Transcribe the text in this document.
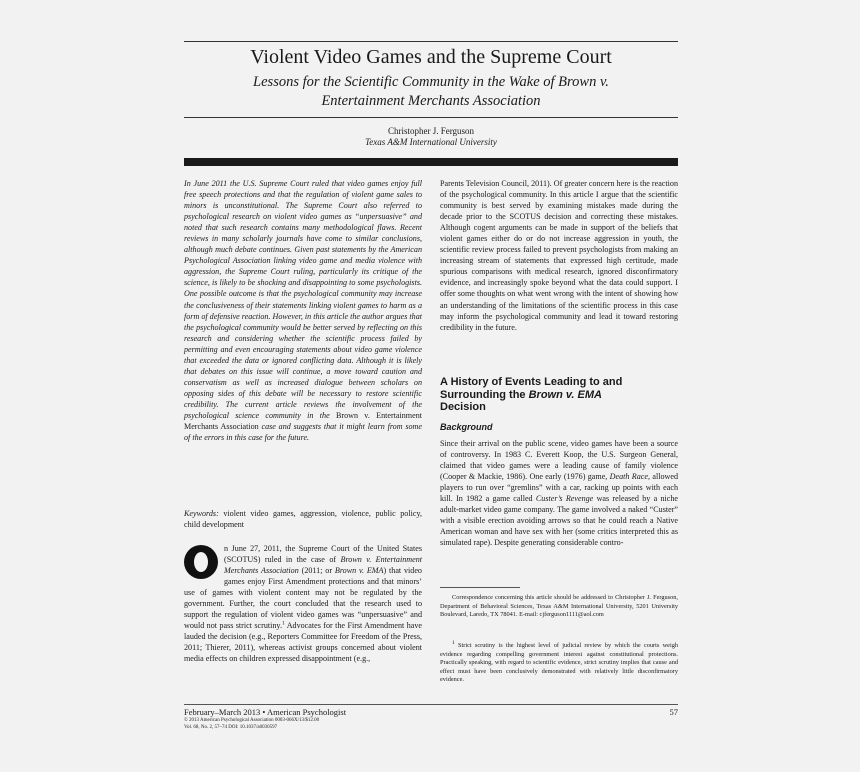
Violent Video Games and the Supreme Court
Lessons for the Scientific Community in the Wake of Brown v.
Entertainment Merchants Association
Christopher J. Ferguson
Texas A&M International University

In June 2011 the U.S. Supreme Court ruled that video games enjoy full free speech protections and that the regulation of violent game sales to minors is unconstitutional. The Supreme Court also referred to psychological research on violent video games as “unpersuasive” and noted that such research contains many methodological flaws. Recent reviews in many scholarly journals have come to similar conclusions, although much debate continues. Given past statements by the American Psychological Association linking video game and media violence with aggression, the Supreme Court ruling, particularly its critique of the science, is likely to be shocking and disappointing to some psychologists. One possible outcome is that the psychological community may increase the conclusiveness of their statements linking violent games to harm as a form of defensive reaction. However, in this article the author argues that the psychological community would be better served by reflecting on this research and considering whether the scientific process failed by permitting and even encouraging statements about video game violence that exceeded the data or ignored conflicting data. Although it is likely that debates on this issue will continue, a move toward caution and conservatism as well as increased dialogue between scholars on opposing sides of this debate will be necessary to restore scientific credibility. The current article reviews the involvement of the psychological science community in the Brown v. Entertainment Merchants Association case and suggests that it might learn from some of the errors in this case for the future.

Keywords: violent video games, aggression, violence, public policy, child development

n June 27, 2011, the Supreme Court of the United States (SCOTUS) ruled in the case of Brown v. Entertainment Merchants Association (2011; or Brown v. EMA) that video games enjoy First Amendment protections and that minors’ use of games with violent content may not be regulated by the government. Further, the court concluded that the research used to support the regulation of violent video games was “unpersuasive” and would not pass strict scrutiny.$^1$ Advocates for the First Amendment have lauded the decision (e.g., Reporters Committee for Freedom of the Press, 2011; Thierer, 2011), whereas activist groups concerned about violent media effects on children expressed disappointment (e.g.,

Parents Television Council, 2011). Of greater concern here is the reaction of the psychological community. In this article I argue that the scientific community is best served by examining mistakes made during the decade prior to the SCOTUS decision and correcting these mistakes. Although cogent arguments can be made in support of the beliefs that violent games either do or do not increase aggression in youth, the scientific review process failed to prevent psychologists from making an increasing stream of statements that expressed high certitude, made spurious comparisons with medical research, ignored disconfirmatory evidence, and increasingly spoke beyond what the data could support. I offer some thoughts on what went wrong with the intent of showing how an understanding of the limitations of the scientific process in this case may inform the psychological community and lead it toward restoring credibility in the future.

A History of Events Leading to and
Surrounding the Brown v. EMA
Decision
Background

Since their arrival on the public scene, video games have been a source of controversy. In 1983 C. Everett Koop, the U.S. Surgeon General, claimed that video games were a leading cause of family violence (Cooper & Mackie, 1986). One early (1976) game, Death Race, allowed players to run over “gremlins” with a car, racking up points with each kill. In 1982 a game called Custer’s Revenge was released by a niche adult-market video game company. The game involved a naked “Custer” with a visible erection avoiding arrows so that he could reach a Native American woman and have sex with her (some critics interpreted this as simulated rape). Despite generating considerable contro-

Correspondence concerning this article should be addressed to Christopher J. Ferguson, Department of Behavioral Sciences, Texas A&M International University, 5201 University Boulevard, Laredo, TX 78041. E-mail: cjferguson1111@aol.com
$^1$ Strict scrutiny is the highest level of judicial review by which the courts weigh evidence regarding compelling government interest against constitutional protections. Practically speaking, with regard to scientific evidence, strict scrutiny implies that cause and effect must have been conclusively demonstrated with relatively little disconfirmatory evidence.
February–March 2013 • American Psychologist
© 2013 American Psychological Association 0003-066X/13/$12.00
Vol. 68, No. 2, 57–74 DOI: 10.1037/a0030597
57
